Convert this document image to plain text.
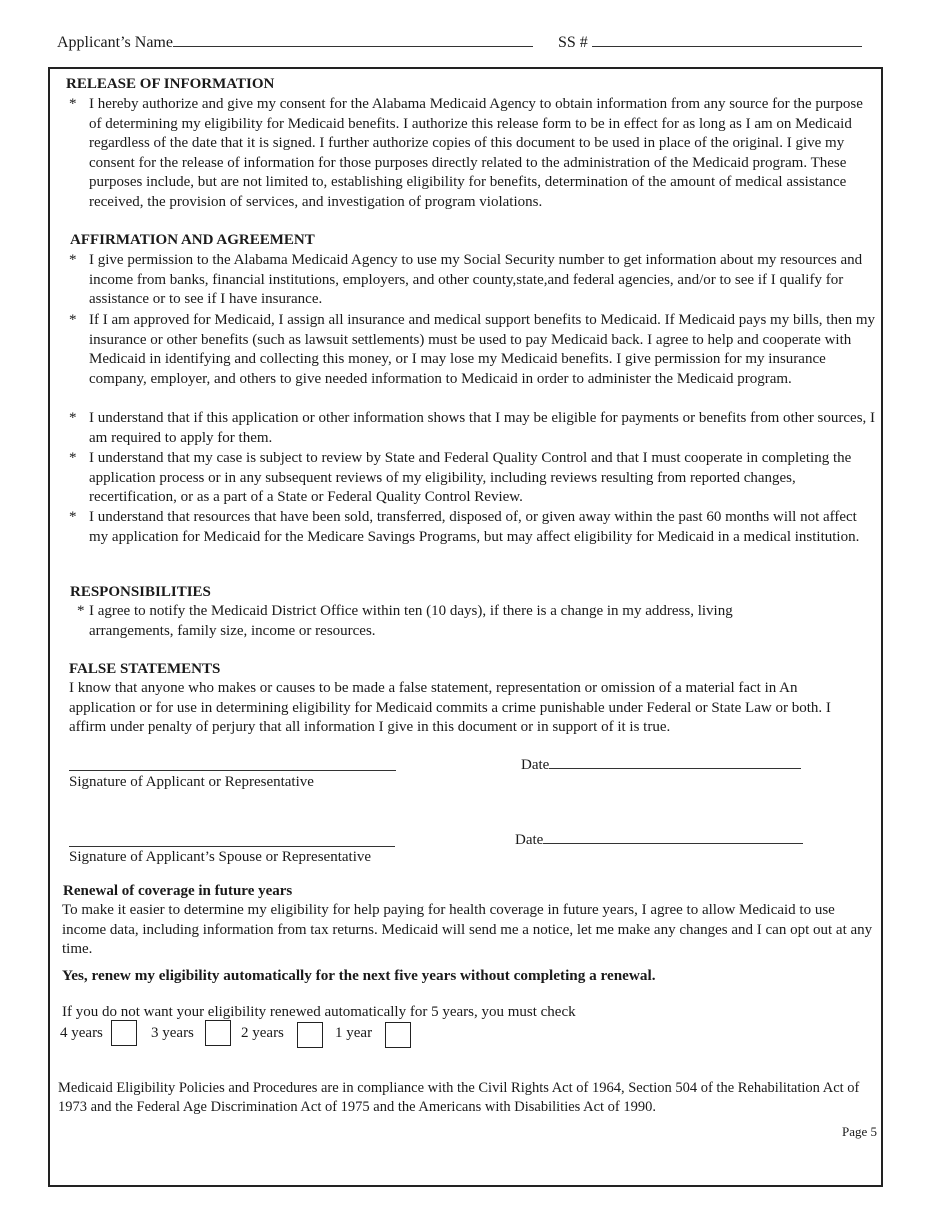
Applicant’s Name	SS #
RELEASE OF INFORMATION
* I hereby authorize and give my consent for the Alabama Medicaid Agency to obtain information from any source for the purpose of determining my eligibility for Medicaid benefits. I authorize this release form to be in effect for as long as I am on Medicaid regardless of the date that it is signed. I further authorize copies of this document to be used in place of the original. I give my consent for the release of information for those purposes directly related to the administration of the Medicaid program. These purposes include, but are not limited to, establishing eligibility for benefits, determination of the amount of medical assistance received, the provision of services, and investigation of program violations.
AFFIRMATION AND AGREEMENT
* I give permission to the Alabama Medicaid Agency to use my Social Security number to get information about my resources and income from banks, financial institutions, employers, and other county,state,and federal agencies, and/or to see if I qualify for assistance or to see if I have insurance.
* If I am approved for Medicaid, I assign all insurance and medical support benefits to Medicaid. If Medicaid pays my bills, then my insurance or other benefits (such as lawsuit settlements) must be used to pay Medicaid back. I agree to help and cooperate with Medicaid in identifying and collecting this money, or I may lose my Medicaid benefits. I give permission for my insurance company, employer, and others to give needed information to Medicaid in order to administer the Medicaid program.
* I understand that if this application or other information shows that I may be eligible for payments or benefits from other sources, I am required to apply for them.
* I understand that my case is subject to review by State and Federal Quality Control and that I must cooperate in completing the application process or in any subsequent reviews of my eligibility, including reviews resulting from reported changes, recertification, or as a part of a State or Federal Quality Control Review.
* I understand that resources that have been sold, transferred, disposed of, or given away within the past 60 months will not affect my application for Medicaid for the Medicare Savings Programs, but may affect eligibility for Medicaid in a medical institution.
RESPONSIBILITIES
* I agree to notify the Medicaid District Office within ten (10 days), if there is a change in my address, living arrangements, family size, income or resources.
FALSE STATEMENTS
I know that anyone who makes or causes to be made a false statement, representation or omission of a material fact in An application or for use in determining eligibility for Medicaid commits a crime punishable under Federal or State Law or both. I affirm under penalty of perjury that all information I give in this document or in support of it is true.
Signature of Applicant or Representative
Date
Signature of Applicant’s Spouse or Representative
Date
Renewal of coverage in future years
To make it easier to determine my eligibility for help paying for health coverage in future years, I agree to allow Medicaid to use income data, including information from tax returns. Medicaid will send me a notice, let me make any changes and I can opt out at any time.
Yes, renew my eligibility automatically for the next five years without completing a renewal.
If you do not want your eligibility renewed automatically for 5 years, you must check
4 years	3 years	2 years	1 year
Medicaid Eligibility Policies and Procedures are in compliance with the Civil Rights Act of 1964, Section 504 of the Rehabilitation Act of 1973 and the Federal Age Discrimination Act of 1975 and the Americans with Disabilities Act of 1990.
Page 5
